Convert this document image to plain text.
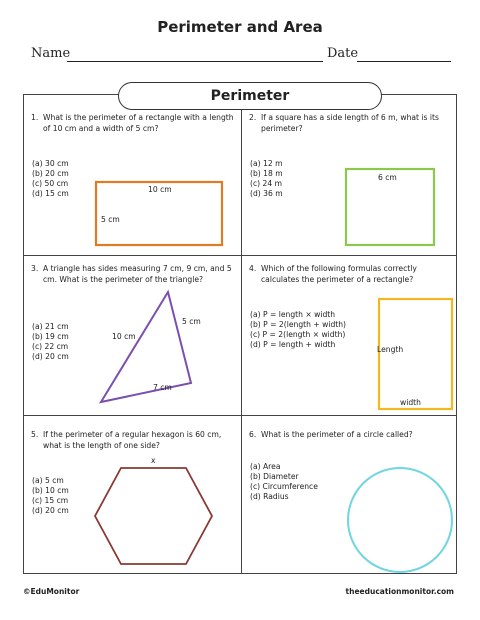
Perimeter and Area
Name	Date
1. What is the perimeter of a rectangle with a length of 10 cm and a width of 5 cm?
(a) 30 cm
(b) 20 cm
(c) 50 cm
(d) 15 cm	10 cm
5 cm
2. If a square has a side length of 6 m, what is its perimeter?
(a) 12 m
(b) 18 m
(c) 24 m
(d) 36 m
6 cm
3. A triangle has sides measuring 7 cm, 9 cm, and 5 cm. What is the perimeter of the triangle?
(a) 21 cm
(b) 19 cm
(c) 22 cm
(d) 20 cm
10 cm
5 cm
7 cm
4. Which of the following formulas correctly calculates the perimeter of a rectangle?
(a) P = length × width
(b) P = 2(length + width)
(c) P = 2(length × width)
(d) P = length + width
Length
width
5. If the perimeter of a regular hexagon is 60 cm, what is the length of one side?
(a) 5 cm
(b) 10 cm
(c) 15 cm
(d) 20 cm
x
6. What is the perimeter of a circle called?
(a) Area
(b) Diameter
(c) Circumference
(d) Radius
Perimeter
©EduMonitor	theeducationmonitor.com
